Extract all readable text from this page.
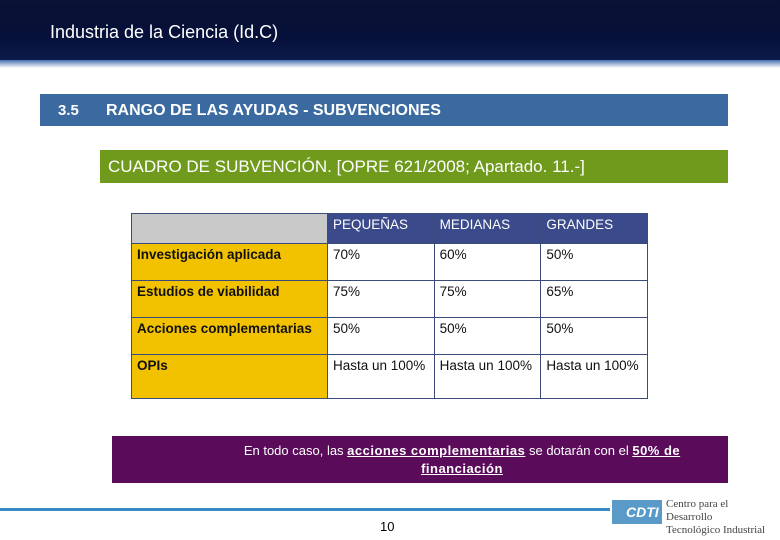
Industria de la Ciencia (Id.C)
3.5 RANGO DE LAS AYUDAS - SUBVENCIONES
CUADRO DE SUBVENCIÓN. [OPRE 621/2008; Apartado. 11.-]
	PEQUEÑAS	MEDIANAS	GRANDES
Investigación aplicada	70%	60%	50%
Estudios de viabilidad	75%	75%	65%
Acciones complementarias	50%	50%	50%
OPIs	Hasta un 100%	Hasta un 100%	Hasta un 100%
En todo caso, las acciones complementarias se dotarán con el 50% de financiación
10
CDTI Centro para el Desarrollo
Tecnológico Industrial
